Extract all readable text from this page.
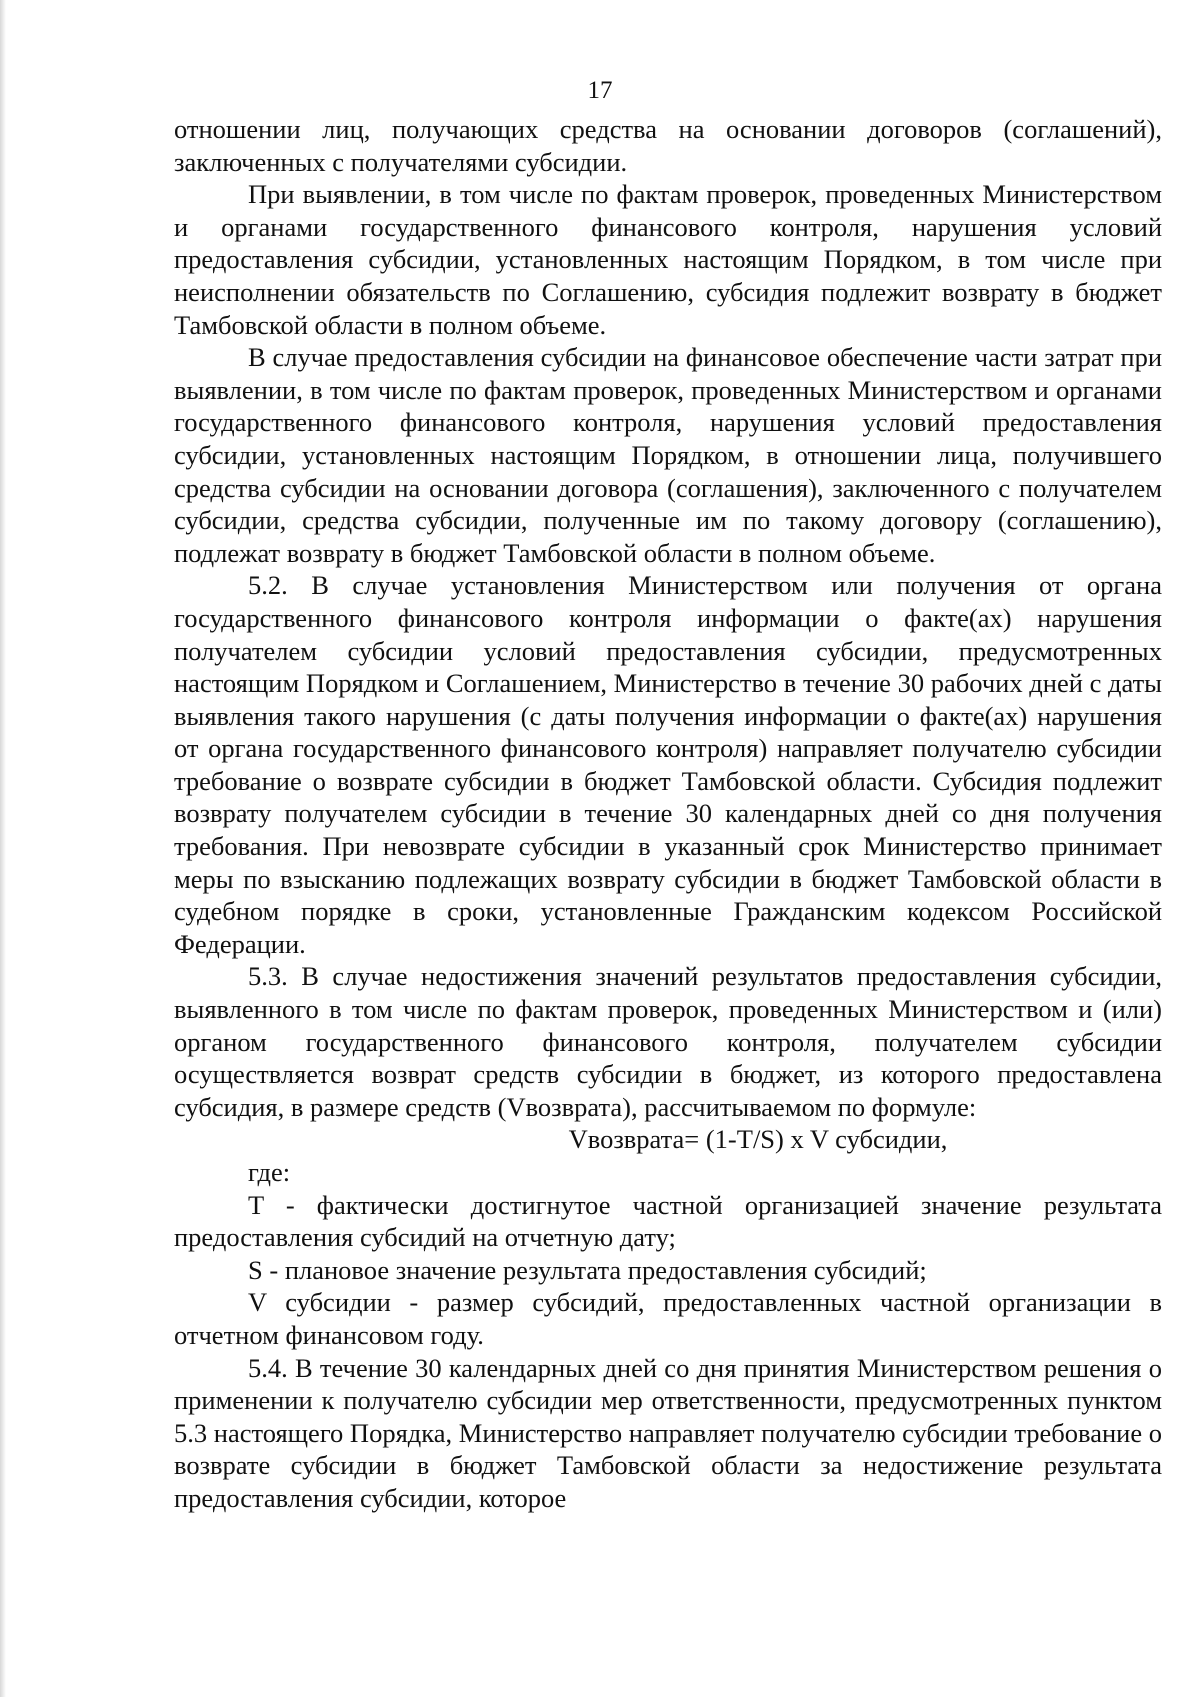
17

отношении лиц, получающих средства на основании договоров (соглашений), заключенных с получателями субсидии.

При выявлении, в том числе по фактам проверок, проведенных Министерством и органами государственного финансового контроля, нарушения условий предоставления субсидии, установленных настоящим Порядком, в том числе при неисполнении обязательств по Соглашению, субсидия подлежит возврату в бюджет Тамбовской области в полном объеме.

В случае предоставления субсидии на финансовое обеспечение части затрат при выявлении, в том числе по фактам проверок, проведенных Министерством и органами государственного финансового контроля, нарушения условий предоставления субсидии, установленных настоящим Порядком, в отношении лица, получившего средства субсидии на основании договора (соглашения), заключенного с получателем субсидии, средства субсидии, полученные им по такому договору (соглашению), подлежат возврату в бюджет Тамбовской области в полном объеме.

5.2. В случае установления Министерством или получения от органа государственного финансового контроля информации о факте(ах) нарушения получателем субсидии условий предоставления субсидии, предусмотренных настоящим Порядком и Соглашением, Министерство в течение 30 рабочих дней с даты выявления такого нарушения (с даты получения информации о факте(ах) нарушения от органа государственного финансового контроля) направляет получателю субсидии требование о возврате субсидии в бюджет Тамбовской области. Субсидия подлежит возврату получателем субсидии в течение 30 календарных дней со дня получения требования. При невозврате субсидии в указанный срок Министерство принимает меры по взысканию подлежащих возврату субсидии в бюджет Тамбовской области в судебном порядке в сроки, установленные Гражданским кодексом Российской Федерации.

5.3. В случае недостижения значений результатов предоставления субсидии, выявленного в том числе по фактам проверок, проведенных Министерством и (или) органом государственного финансового контроля, получателем субсидии осуществляется возврат средств субсидии в бюджет, из которого предоставлена субсидия, в размере средств (Vвозврата), рассчитываемом по формуле:

Vвозврата= (1-T/S) x V субсидии,

где:

T - фактически достигнутое частной организацией значение результата предоставления субсидий на отчетную дату;

S - плановое значение результата предоставления субсидий;

V субсидии - размер субсидий, предоставленных частной организации в отчетном финансовом году.

5.4. В течение 30 календарных дней со дня принятия Министерством решения о применении к получателю субсидии мер ответственности, предусмотренных пунктом 5.3 настоящего Порядка, Министерство направляет получателю субсидии требование о возврате субсидии в бюджет Тамбовской области за недостижение результата предоставления субсидии, которое
